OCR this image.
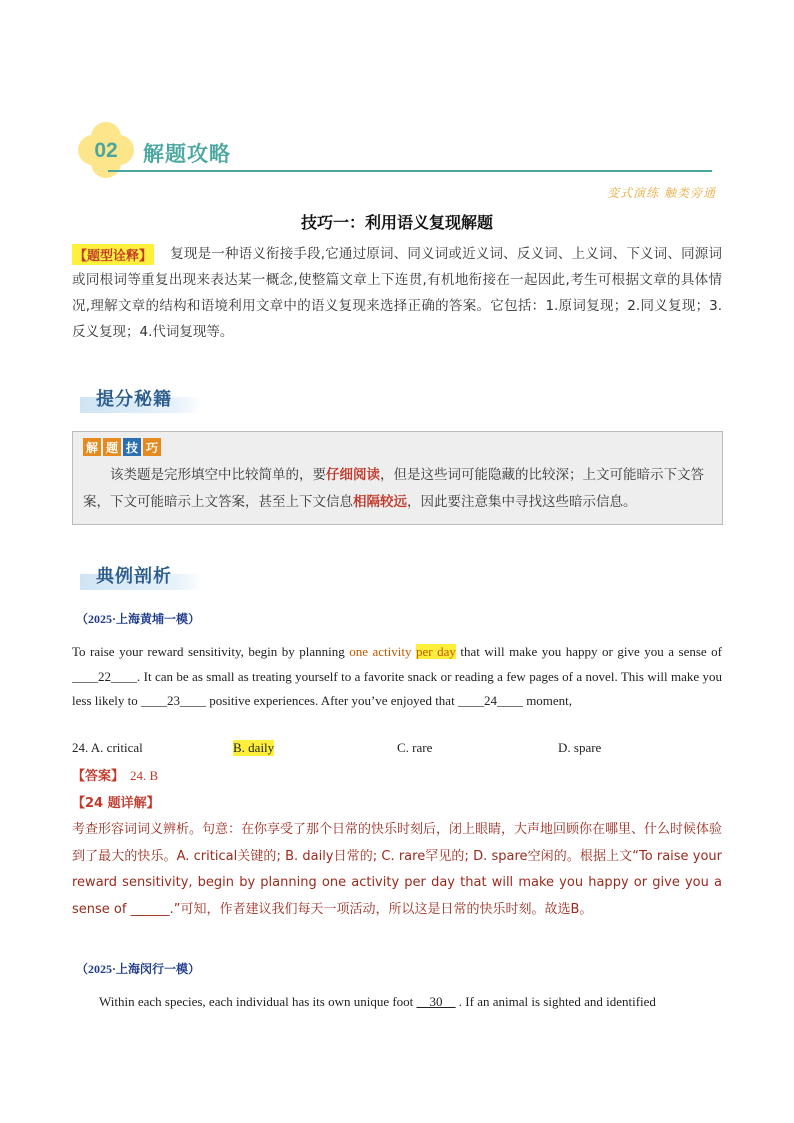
02	解题攻略
变式演练 触类旁通
技巧一：利用语义复现解题
【题型诠释】	复现是一种语义衔接手段,它通过原词、同义词或近义词、反义词、上义词、下义词、同源词或同根词等重复出现来表达某一概念,使整篇文章上下连贯,有机地衔接在一起因此,考生可根据文章的具体情况,理解文章的结构和语境利用文章中的语义复现来选择正确的答案。它包括：1.原词复现；2.同义复现；3.反义复现；4.代词复现等。
提分秘籍
解 题 技 巧
该类题是完形填空中比较简单的，要仔细阅读，但是这些词可能隐藏的比较深；上文可能暗示下文答案，下文可能暗示上文答案，甚至上下文信息相隔较远，因此要注意集中寻找这些暗示信息。
典例剖析
（2025·上海黄埔一模）
To raise your reward sensitivity, begin by planning one activity per day that will make you happy or give you a sense of ____22____. It can be as small as treating yourself to a favorite snack or reading a few pages of a novel. This will make you less likely to ____23____ positive experiences. After you’ve enjoyed that ____24____ moment,
24. A. critical	B. daily	C. rare	D. spare
【答案】 24. B
【24 题详解】
考查形容词词义辨析。句意：在你享受了那个日常的快乐时刻后，闭上眼睛，大声地回顾你在哪里、什么时候体验到了最大的快乐。A. critical关键的; B. daily日常的; C. rare罕见的; D. spare空闲的。根据上文“To raise your reward sensitivity, begin by planning one activity per day that will make you happy or give you a sense of ______.”可知，作者建议我们每天一项活动，所以这是日常的快乐时刻。故选B。
（2025·上海闵行一模）
Within each species, each individual has its own unique foot __30__ . If an animal is sighted and identified
